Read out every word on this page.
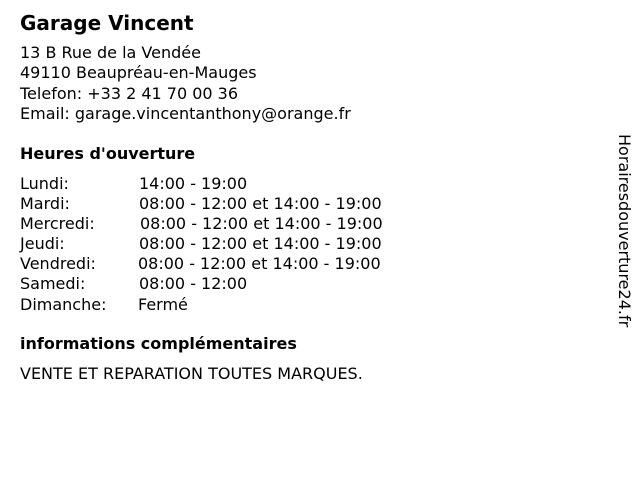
Garage Vincent
13 B Rue de la Vendée
49110 Beaupréau-en-Mauges
Telefon: +33 2 41 70 00 36
Email: garage.vincentanthony@orange.fr
Heures d'ouverture
Lundi:	14:00 - 19:00
Mardi:	08:00 - 12:00 et 14:00 - 19:00
Mercredi:	08:00 - 12:00 et 14:00 - 19:00
Jeudi:	08:00 - 12:00 et 14:00 - 19:00
Vendredi:	08:00 - 12:00 et 14:00 - 19:00
Samedi:	08:00 - 12:00
Dimanche: Fermé
informations complémentaires
VENTE ET REPARATION TOUTES MARQUES.
Horairesdouverture24.fr
